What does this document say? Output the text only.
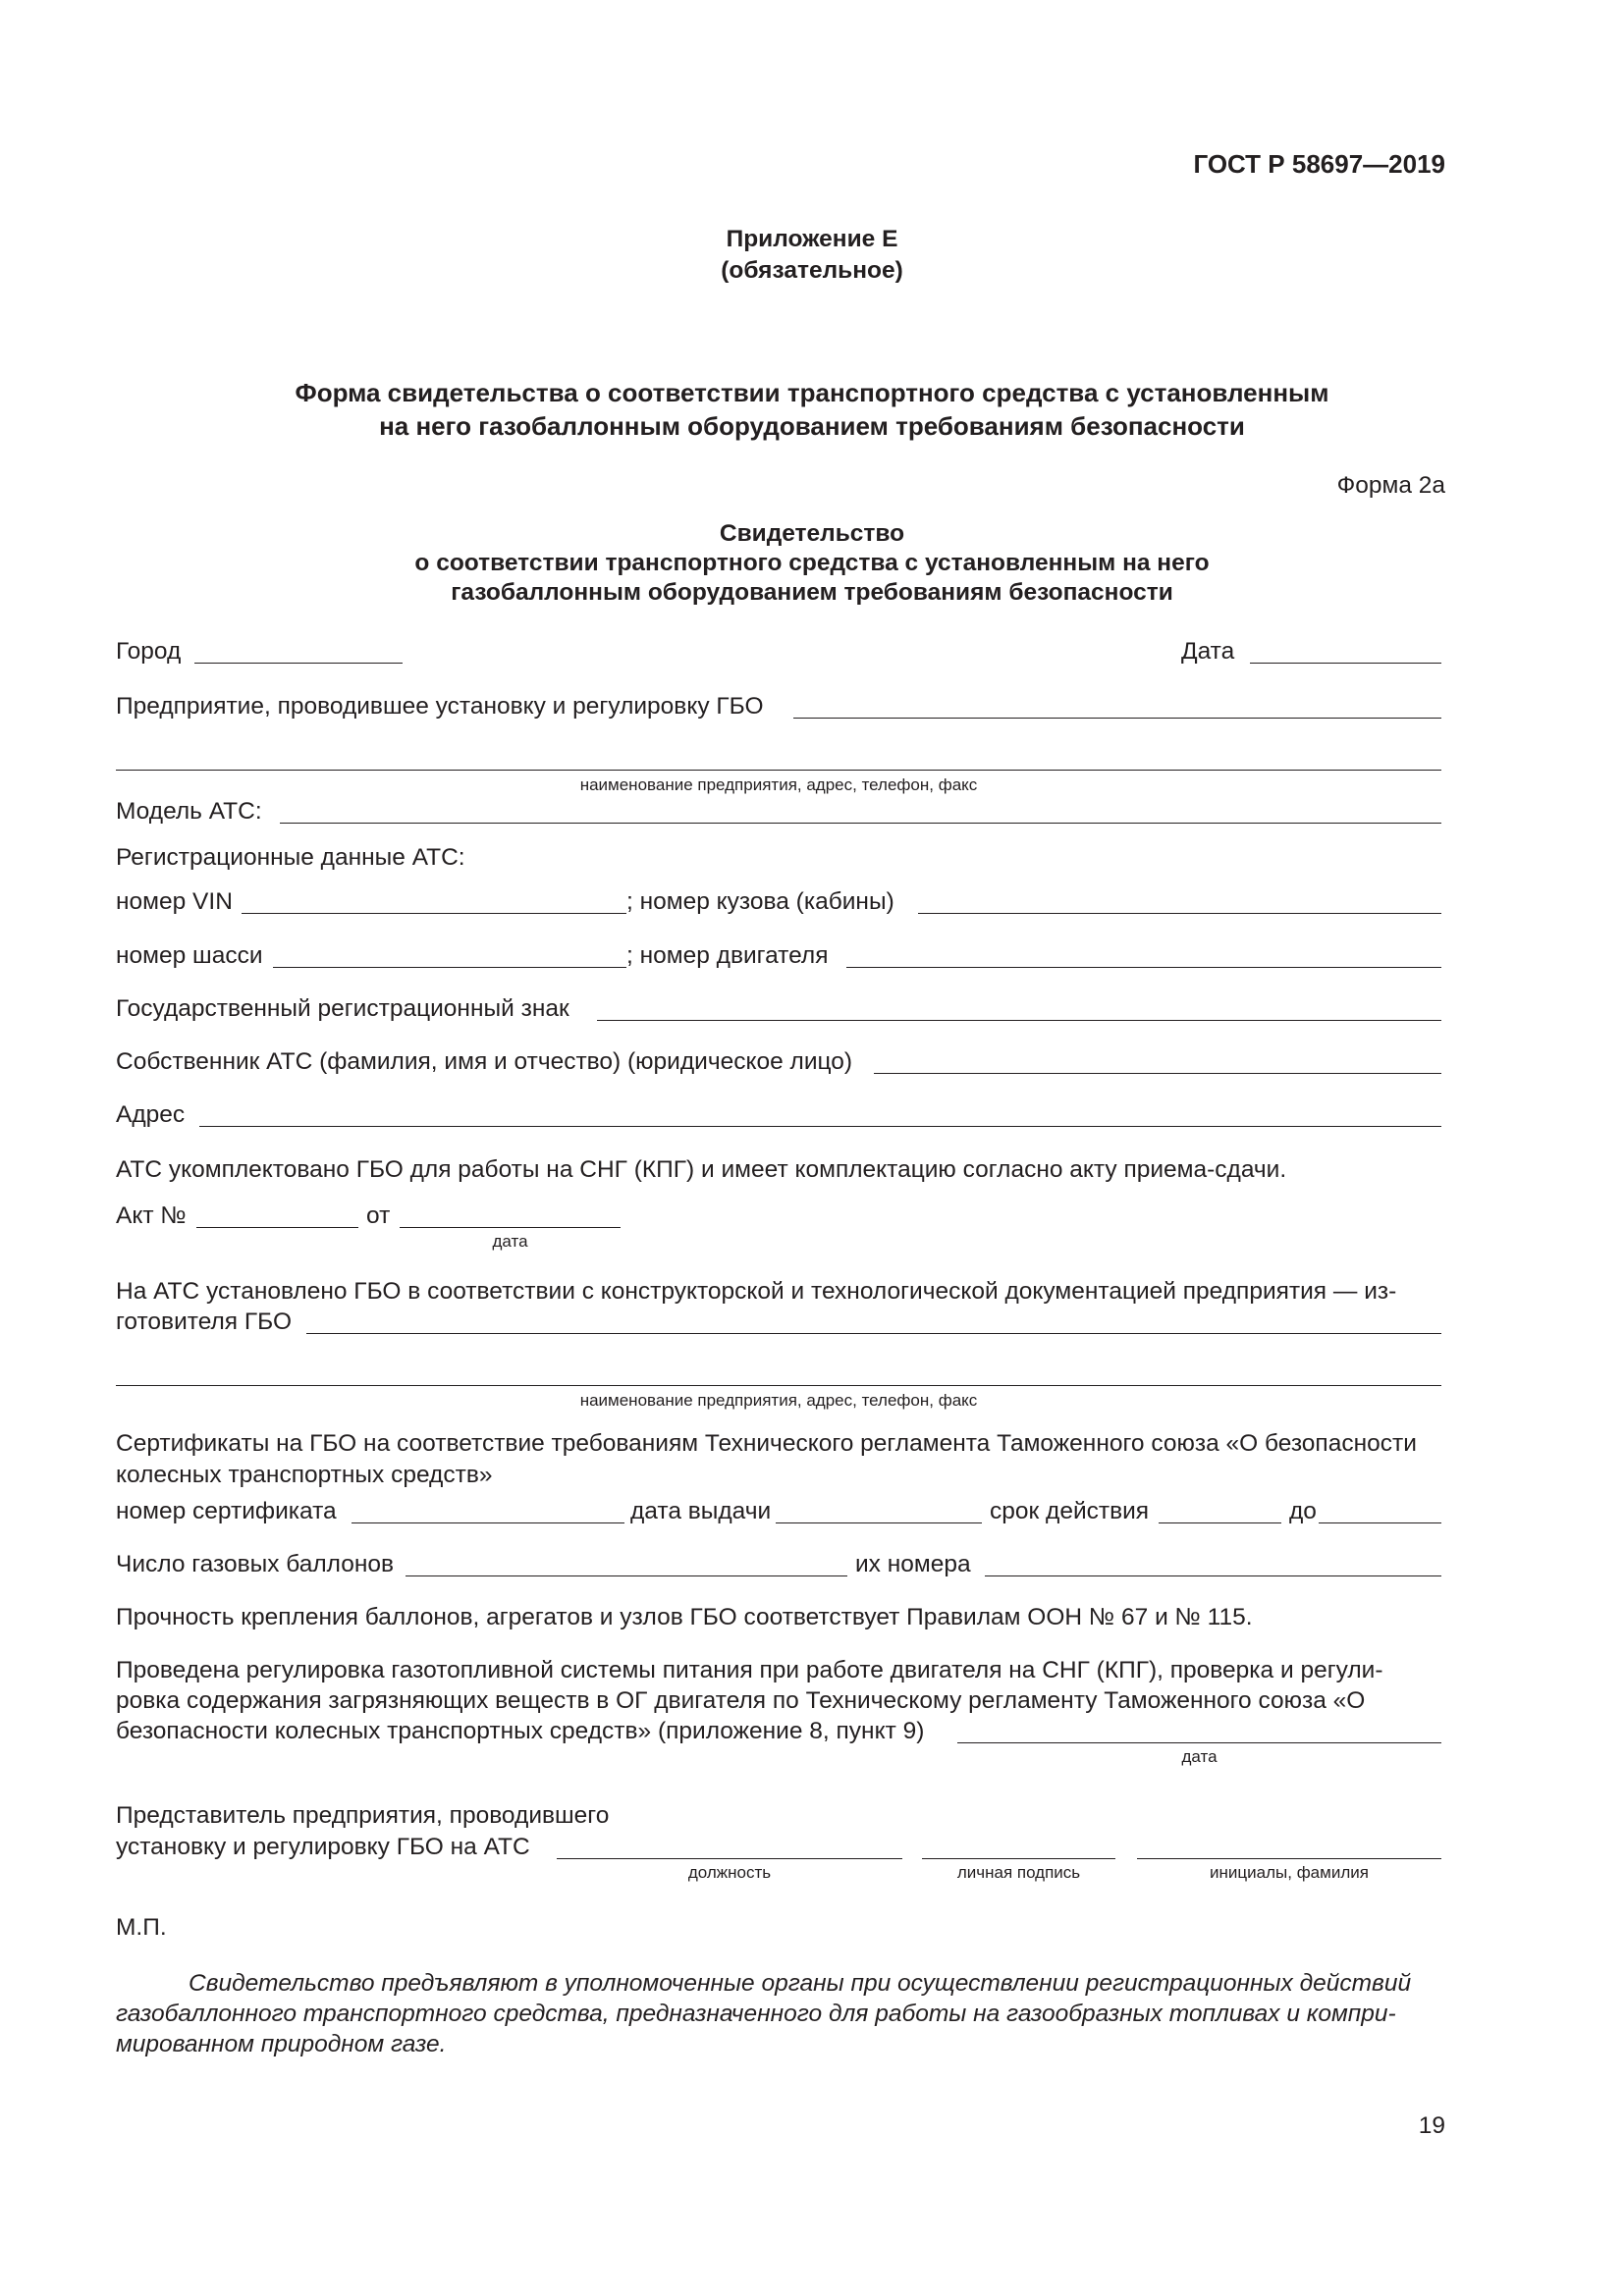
ГОСТ Р 58697—2019
Приложение Е
(обязательное)
Форма свидетельства о соответствии транспортного средства с установленным
на него газобаллонным оборудованием требованиям безопасности
Форма 2а
Свидетельство
о соответствии транспортного средства с установленным на него
газобаллонным оборудованием требованиям безопасности
Город	Дата
Предприятие, проводившее установку и регулировку ГБО
наименование предприятия, адрес, телефон, факс
Модель АТС:
Регистрационные данные АТС:
номер VIN	; номер кузова (кабины)
номер шасси	; номер двигателя
Государственный регистрационный знак
Собственник АТС (фамилия, имя и отчество) (юридическое лицо)
Адрес
АТС укомплектовано ГБО для работы на СНГ (КПГ) и имеет комплектацию согласно акту приема-сдачи.
Акт №	от
дата
На АТС установлено ГБО в соответствии с конструкторской и технологической документацией предприятия — из-
готовителя ГБО
наименование предприятия, адрес, телефон, факс
Сертификаты на ГБО на соответствие требованиям Технического регламента Таможенного союза «О безопасности
колесных транспортных средств»
номер сертификата	дата выдачи	срок действия	до
Число газовых баллонов	их номера
Прочность крепления баллонов, агрегатов и узлов ГБО соответствует Правилам ООН № 67 и № 115.
Проведена регулировка газотопливной системы питания при работе двигателя на СНГ (КПГ), проверка и регули-
ровка содержания загрязняющих веществ в ОГ двигателя по Техническому регламенту Таможенного союза «О
безопасности колесных транспортных средств» (приложение 8, пункт 9)
дата
Представитель предприятия, проводившего
установку и регулировку ГБО на АТС
должность	личная подпись	инициалы, фамилия
М.П.
Свидетельство предъявляют в уполномоченные органы при осуществлении регистрационных действий
газобаллонного транспортного средства, предназначенного для работы на газообразных топливах и компри-
мированном природном газе.
19
